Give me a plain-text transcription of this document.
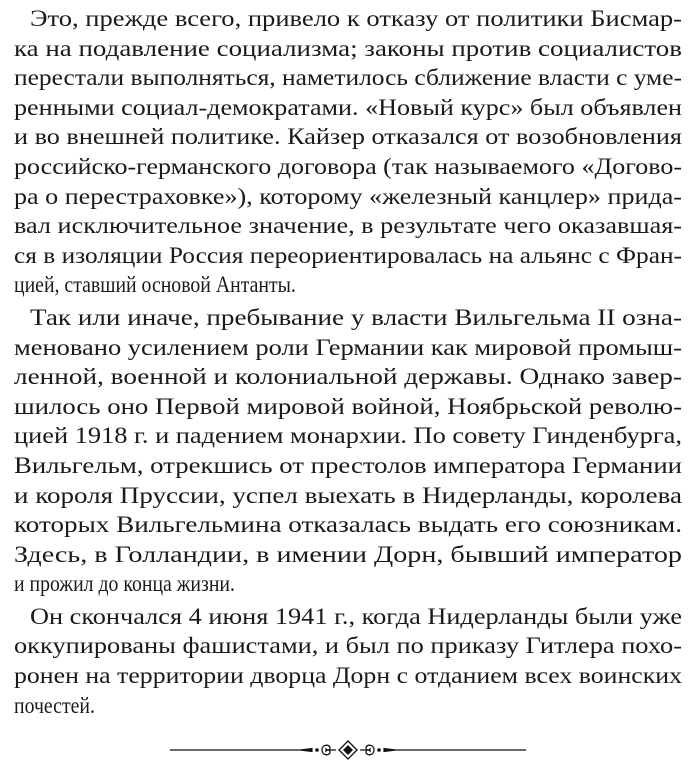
Это, прежде всего, привело к отказу от политики Бисмар-
ка на подавление социализма; законы против социалистов
перестали выполняться, наметилось сближение власти с уме-
ренными социал-демократами. «Новый курс» был объявлен
и во внешней политике. Кайзер отказался от возобновления
российско-германского договора (так называемого «Догово-
ра о перестраховке»), которому «железный канцлер» прида-
вал исключительное значение, в результате чего оказавшая-
ся в изоляции Россия переориентировалась на альянс с Фран-
цией, ставший основой Антанты.
Так или иначе, пребывание у власти Вильгельма II озна-
меновано усилением роли Германии как мировой промыш-
ленной, военной и колониальной державы. Однако завер-
шилось оно Первой мировой войной, Ноябрьской револю-
цией 1918 г. и падением монархии. По совету Гинденбурга,
Вильгельм, отрекшись от престолов императора Германии
и короля Пруссии, успел выехать в Нидерланды, королева
которых Вильгельмина отказалась выдать его союзникам.
Здесь, в Голландии, в имении Дорн, бывший император
и прожил до конца жизни.
Он скончался 4 июня 1941 г., когда Нидерланды были уже
оккупированы фашистами, и был по приказу Гитлера похо-
ронен на территории дворца Дорн с отданием всех воинских
почестей.
